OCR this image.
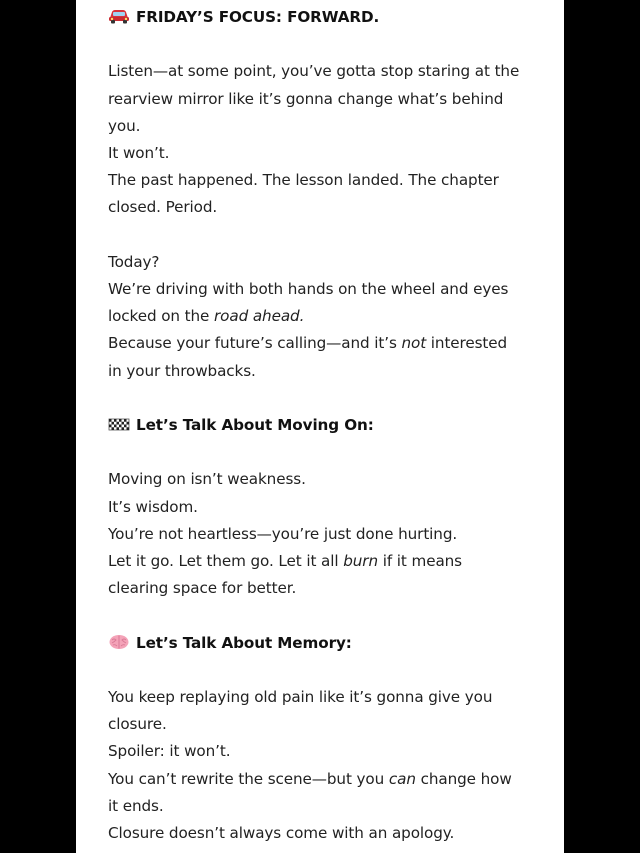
FRIDAY’S FOCUS: FORWARD.
Listen—at some point, you’ve gotta stop staring at the
rearview mirror like it’s gonna change what’s behind
you.
It won’t.
The past happened. The lesson landed. The chapter
closed. Period.
Today?
We’re driving with both hands on the wheel and eyes
locked on the road ahead.
Because your future’s calling—and it’s not interested
in your throwbacks.
Let’s Talk About Moving On:
Moving on isn’t weakness.
It’s wisdom.
You’re not heartless—you’re just done hurting.
Let it go. Let them go. Let it all burn if it means
clearing space for better.
Let’s Talk About Memory:
You keep replaying old pain like it’s gonna give you
closure.
Spoiler: it won’t.
You can’t rewrite the scene—but you can change how
it ends.
Closure doesn’t always come with an apology.
